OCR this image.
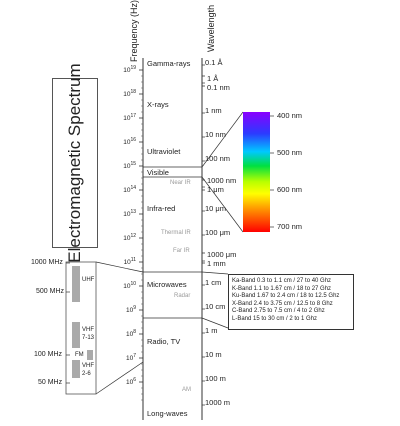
Frequency (Hz)	Wavelength
$10^{19}$
$10^{18}$
$10^{17}$
$10^{16}$
$10^{15}$
$10^{14}$
$10^{13}$
$10^{12}$
$10^{11}$
$10^{10}$
$10^9$
$10^8$
$10^7$
$10^6$
Gamma-rays
X-rays
Ultraviolet
Visible
Near IR
Infra-red
Thermal IR
Far IR
Microwaves
Radar
Radio, TV
AM
Long-waves
0.1 Å
1 Å
0.1 nm
1 nm
10 nm
100 nm
1000 nm
1 μm
10 μm
100 μm
1000 μm
1 mm
1 cm
10 cm
1 m
10 m
100 m
1000 m
400 nm
500 nm
600 nm
700 nm
Electromagnetic Spectrum
1000 MHz
500 MHz
100 MHz
50 MHz
UHF
VHF
7-13
FM
VHF
2-6
Ka-Band 0.3 to 1.1 cm / 27 to 40 Ghz
K-Band 1.1 to 1.67 cm / 18 to 27 Ghz
Ku-Band 1.67 to 2.4 cm / 18 to 12.5 Ghz
X-Band 2.4 to 3.75 cm / 12.5 to 8 Ghz
C-Band 2.75 to 7.5 cm / 4 to 2 Ghz
L-Band 15 to 30 cm / 2 to 1 Ghz
